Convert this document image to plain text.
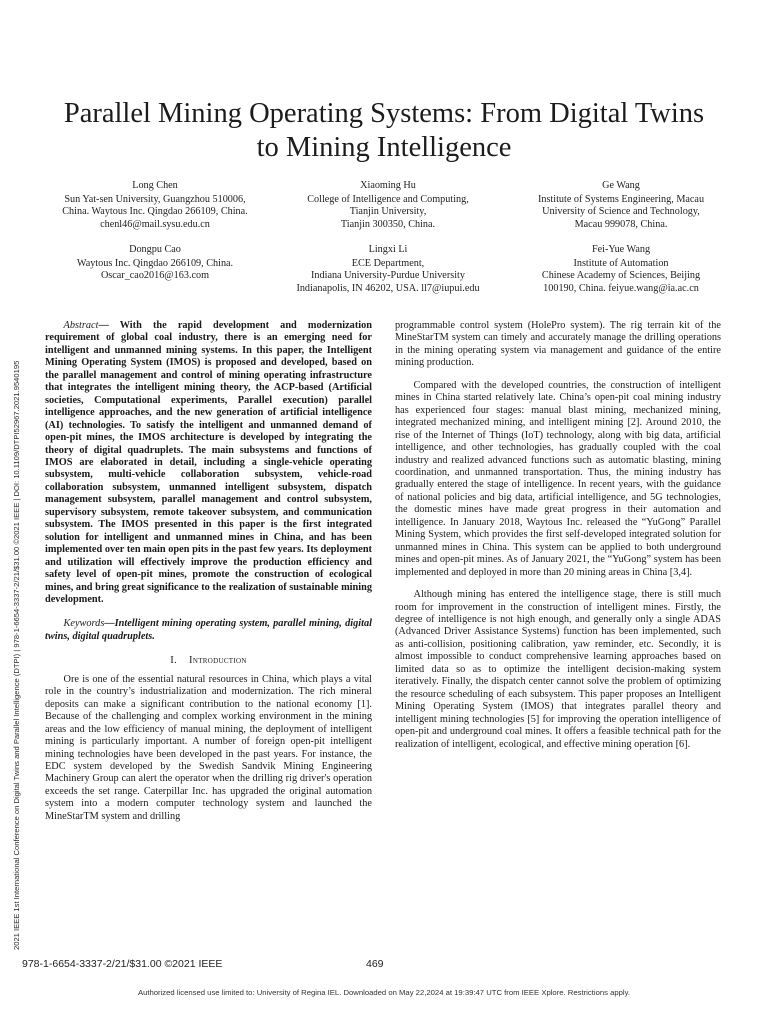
2021 IEEE 1st International Conference on Digital Twins and Parallel Intelligence (DTPI) | 978-1-6654-3337-2/21/$31.00 ©2021 IEEE | DOI: 10.1109/DTPI52967.2021.9540195
Parallel Mining Operating Systems: From Digital Twins to Mining Intelligence
Long Chen
Sun Yat-sen University, Guangzhou 510006,
China. Waytous Inc. Qingdao 266109, China.
chenl46@mail.sysu.edu.cn
Xiaoming Hu
College of Intelligence and Computing,
Tianjin University,
Tianjin 300350, China.
Ge Wang
Institute of Systems Engineering, Macau
University of Science and Technology,
Macau 999078, China.
Dongpu Cao
Waytous Inc. Qingdao 266109, China.
Oscar_cao2016@163.com
Lingxi Li
ECE Department,
Indiana University-Purdue University
Indianapolis, IN 46202, USA. ll7@iupui.edu
Fei-Yue Wang
Institute of Automation
Chinese Academy of Sciences, Beijing
100190, China. feiyue.wang@ia.ac.cn

Abstract— With the rapid development and modernization requirement of global coal industry, there is an emerging need for intelligent and unmanned mining systems. In this paper, the Intelligent Mining Operating System (IMOS) is proposed and developed, based on the parallel management and control of mining operating infrastructure that integrates the intelligent mining theory, the ACP-based (Artificial societies, Computational experiments, Parallel execution) parallel intelligence approaches, and the new generation of artificial intelligence (AI) technologies. To satisfy the intelligent and unmanned demand of open-pit mines, the IMOS architecture is developed by integrating the theory of digital quadruplets. The main subsystems and functions of IMOS are elaborated in detail, including a single-vehicle operating subsystem, multi-vehicle collaboration subsystem, vehicle-road collaboration subsystem, unmanned intelligent subsystem, dispatch management subsystem, parallel management and control subsystem, supervisory subsystem, remote takeover subsystem, and communication subsystem. The IMOS presented in this paper is the first integrated solution for intelligent and unmanned mines in China, and has been implemented over ten main open pits in the past few years. Its deployment and utilization will effectively improve the production efficiency and safety level of open-pit mines, promote the construction of ecological mines, and bring great significance to the realization of sustainable mining development.

Keywords—Intelligent mining operating system, parallel mining, digital twins, digital quadruplets.

I. Introduction

Ore is one of the essential natural resources in China, which plays a vital role in the country’s industrialization and modernization. The rich mineral deposits can make a significant contribution to the national economy [1]. Because of the challenging and complex working environment in the mining areas and the low efficiency of manual mining, the deployment of intelligent mining is particularly important. A number of foreign open-pit intelligent mining technologies have been developed in the past years. For instance, the EDC system developed by the Swedish Sandvik Mining Engineering Machinery Group can alert the operator when the drilling rig driver's operation exceeds the set range. Caterpillar Inc. has upgraded the original automation system into a modern computer technology system and launched the MineStarTM system and drilling

programmable control system (HolePro system). The rig terrain kit of the MineStarTM system can timely and accurately manage the drilling operations in the mining operating system via management and guidance of the entire mining production.

Compared with the developed countries, the construction of intelligent mines in China started relatively late. China’s open-pit coal mining industry has experienced four stages: manual blast mining, mechanized mining, integrated mechanized mining, and intelligent mining [2]. Around 2010, the rise of the Internet of Things (IoT) technology, along with big data, artificial intelligence, and other technologies, has gradually coupled with the coal industry and realized advanced functions such as automatic blasting, mining coordination, and unmanned transportation. Thus, the mining industry has gradually entered the stage of intelligence. In recent years, with the guidance of national policies and big data, artificial intelligence, and 5G technologies, the domestic mines have made great progress in their automation and intelligence. In January 2018, Waytous Inc. released the “YuGong” Parallel Mining System, which provides the first self-developed integrated solution for unmanned mines in China. This system can be applied to both underground mines and open-pit mines. As of January 2021, the “YuGong” system has been implemented and deployed in more than 20 mining areas in China [3,4].

Although mining has entered the intelligence stage, there is still much room for improvement in the construction of intelligent mines. Firstly, the degree of intelligence is not high enough, and generally only a single ADAS (Advanced Driver Assistance Systems) function has been implemented, such as anti-collision, positioning calibration, yaw reminder, etc. Secondly, it is almost impossible to conduct comprehensive learning approaches based on limited data so as to optimize the intelligent decision-making system iteratively. Finally, the dispatch center cannot solve the problem of optimizing the resource scheduling of each subsystem. This paper proposes an Intelligent Mining Operating System (IMOS) that integrates parallel theory and intelligent mining technologies [5] for improving the operation intelligence of open-pit and underground coal mines. It offers a feasible technical path for the realization of intelligent, ecological, and effective mining operation [6].

978-1-6654-3337-2/21/$31.00 ©2021 IEEE	469
Authorized licensed use limited to: University of Regina IEL. Downloaded on May 22,2024 at 19:39:47 UTC from IEEE Xplore. Restrictions apply.
